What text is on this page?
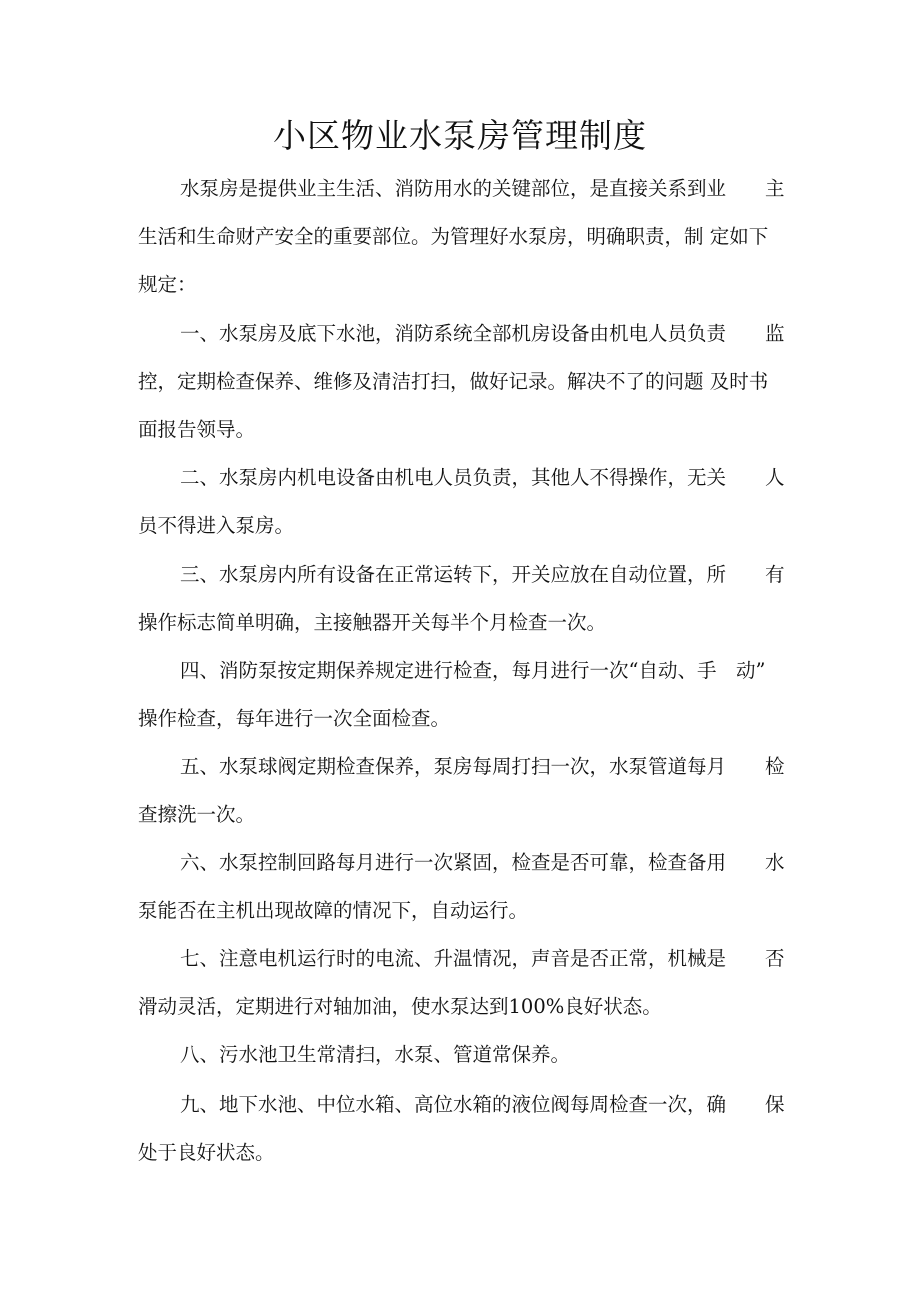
小区物业水泵房管理制度
水泵房是提供业主生活、消防用水的关键部位，是直接关系到业　　主
生活和生命财产安全的重要部位。为管理好水泵房，明确职责，制 定如下
规定：
一、水泵房及底下水池，消防系统全部机房设备由机电人员负责　　监
控，定期检查保养、维修及清洁打扫，做好记录。解决不了的问题 及时书
面报告领导。
二、水泵房内机电设备由机电人员负责，其他人不得操作，无关　　人
员不得进入泵房。
三、水泵房内所有设备在正常运转下，开关应放在自动位置，所　　有
操作标志简单明确，主接触器开关每半个月检查一次。
四、消防泵按定期保养规定进行检查，每月进行一次“自动、手　动”
操作检查，每年进行一次全面检查。
五、水泵球阀定期检查保养，泵房每周打扫一次，水泵管道每月　　检
查擦洗一次。
六、水泵控制回路每月进行一次紧固，检查是否可靠，检查备用　　水
泵能否在主机出现故障的情况下，自动运行。
七、注意电机运行时的电流、升温情况，声音是否正常，机械是　　否
滑动灵活，定期进行对轴加油，使水泵达到100%良好状态。
八、污水池卫生常清扫，水泵、管道常保养。
九、地下水池、中位水箱、高位水箱的液位阀每周检查一次，确　　保
处于良好状态。
